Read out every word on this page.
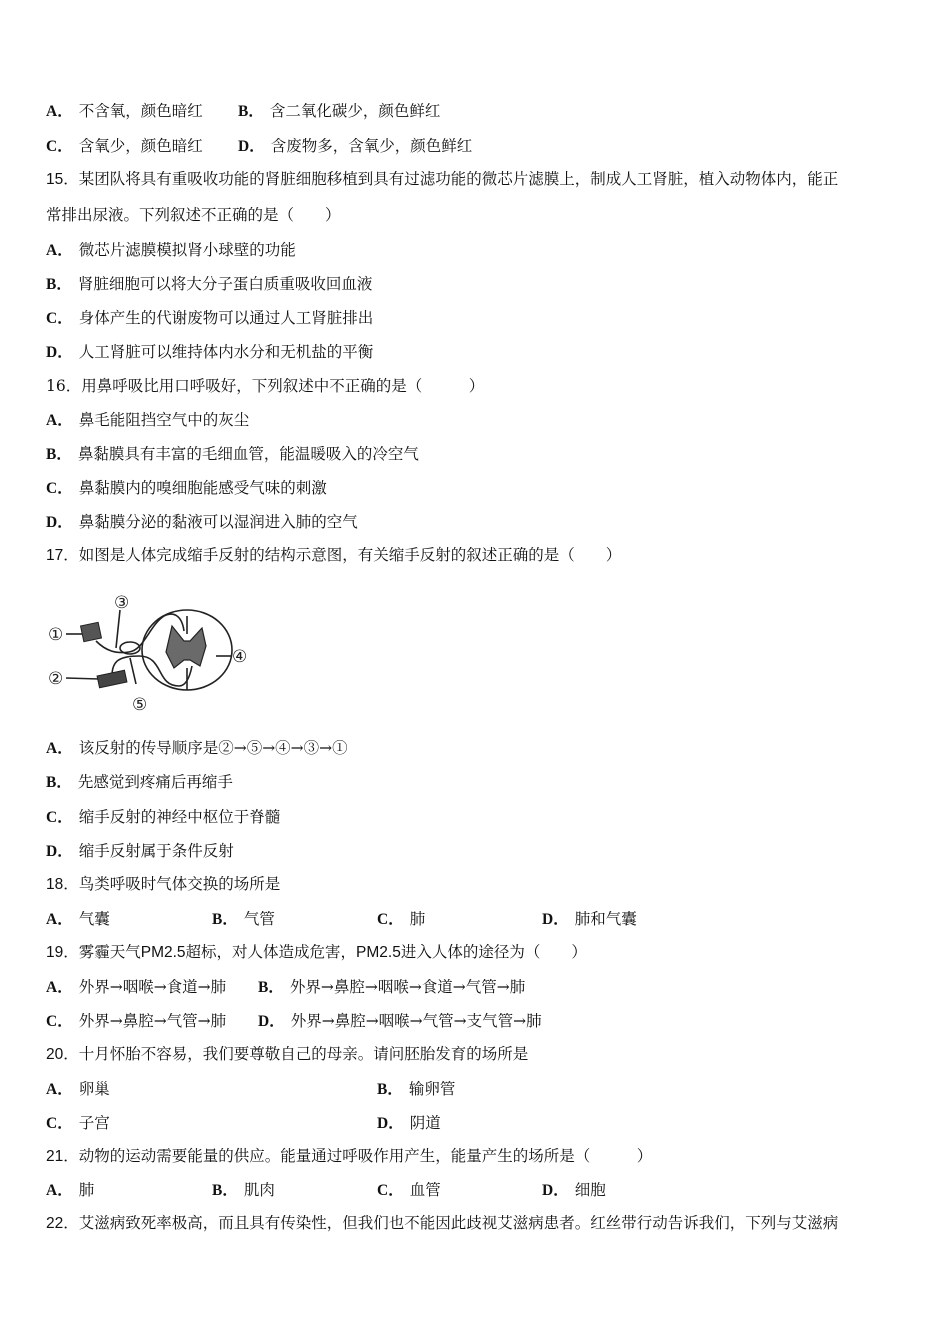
A． 不含氧，颜色暗红 B． 含二氧化碳少，颜色鲜红
C． 含氧少，颜色暗红 D． 含废物多，含氧少，颜色鲜红
15．某团队将具有重吸收功能的肾脏细胞移植到具有过滤功能的微芯片滤膜上，制成人工肾脏，植入动物体内，能正
常排出尿液。下列叙述不正确的是（　　）
A． 微芯片滤膜模拟肾小球壁的功能
B． 肾脏细胞可以将大分子蛋白质重吸收回血液
C． 身体产生的代谢废物可以通过人工肾脏排出
D． 人工肾脏可以维持体内水分和无机盐的平衡
16．用鼻呼吸比用口呼吸好，下列叙述中不正确的是（　　　）
A． 鼻毛能阻挡空气中的灰尘
B． 鼻黏膜具有丰富的毛细血管，能温暖吸入的冷空气
C． 鼻黏膜内的嗅细胞能感受气味的刺激
D． 鼻黏膜分泌的黏液可以湿润进入肺的空气
17．如图是人体完成缩手反射的结构示意图，有关缩手反射的叙述正确的是（　　）
①
②
③
④
⑤
A． 该反射的传导顺序是②→⑤→④→③→①
B． 先感觉到疼痛后再缩手
C． 缩手反射的神经中枢位于脊髓
D． 缩手反射属于条件反射
18．鸟类呼吸时气体交换的场所是
A． 气囊	B． 气管	C． 肺	D． 肺和气囊
19．雾霾天气PM2.5超标，对人体造成危害，PM2.5进入人体的途径为（　　）
A． 外界→咽喉→食道→肺 B． 外界→鼻腔→咽喉→食道→气管→肺
C． 外界→鼻腔→气管→肺 D． 外界→鼻腔→咽喉→气管→支气管→肺
20．十月怀胎不容易，我们要尊敬自己的母亲。请问胚胎发育的场所是
A． 卵巢	B． 输卵管
C． 子宫	D． 阴道
21．动物的运动需要能量的供应。能量通过呼吸作用产生，能量产生的场所是（　　　）
A． 肺	B． 肌肉	C． 血管	D． 细胞
22．艾滋病致死率极高，而且具有传染性，但我们也不能因此歧视艾滋病患者。红丝带行动告诉我们，下列与艾滋病
